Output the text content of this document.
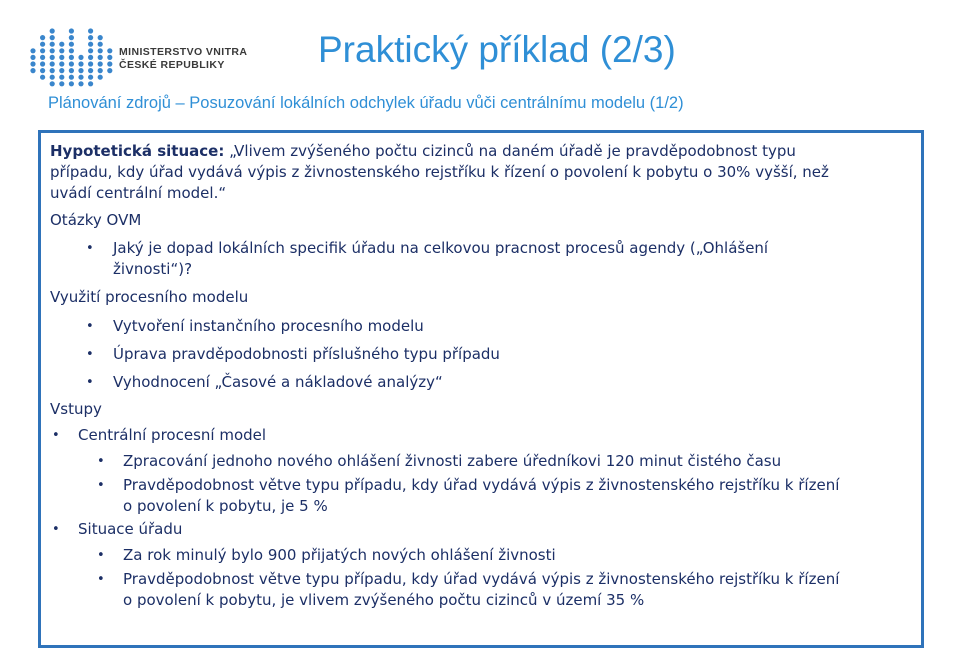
MINISTERSTVO VNITRA
ČESKÉ REPUBLIKY	Praktický příklad (2/3)
Plánování zdrojů – Posuzování lokálních odchylek úřadu vůči centrálnímu modelu (1/2)
Hypotetická situace: „Vlivem zvýšeného počtu cizinců na daném úřadě je pravděpodobnost typu
případu, kdy úřad vydává výpis z živnostenského rejstříku k řízení o povolení k pobytu o 30% vyšší, než
uvádí centrální model.“
Otázky OVM
• Jaký je dopad lokálních specifik úřadu na celkovou pracnost procesů agendy („Ohlášení
živnosti“)?
Využití procesního modelu
• Vytvoření instančního procesního modelu
• Úprava pravděpodobnosti příslušného typu případu
• Vyhodnocení „Časové a nákladové analýzy“
Vstupy
• Centrální procesní model
• Zpracování jednoho nového ohlášení živnosti zabere úředníkovi 120 minut čistého času
• Pravděpodobnost větve typu případu, kdy úřad vydává výpis z živnostenského rejstříku k řízení
o povolení k pobytu, je 5 %
• Situace úřadu
• Za rok minulý bylo 900 přijatých nových ohlášení živnosti
• Pravděpodobnost větve typu případu, kdy úřad vydává výpis z živnostenského rejstříku k řízení
o povolení k pobytu, je vlivem zvýšeného počtu cizinců v území 35 %
